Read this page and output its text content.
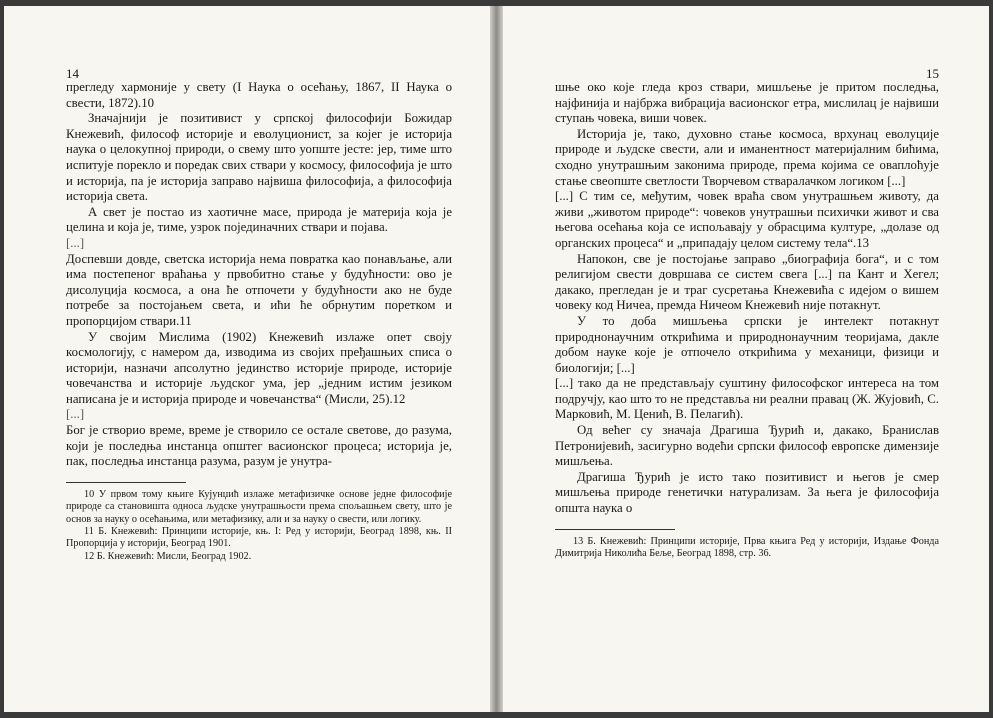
14

прегледу хармоније у свету (I Наука о осећању, 1867, II Наука о свести, 1872).10

Значајнији је позитивист у српској философији Божидар Кнежевић, философ историје и еволуционист, за којег је историја наука о целокупној природи, о свему што уопште јесте: јер, тиме што испитује порекло и поредак свих ствари у космосу, философија је што и историја, па је историја заправо највиша философија, а философија историја света.

А свет је постао из хаотичне масе, природа је материја која је целина и која је, тиме, узрок појединачних ствари и појава.

[...]

Доспевши довде, светска историја нема повратка као понављање, али има постепеног враћања у првобитно стање у будућности: ово је дисолуција космоса, а она ће отпочети у будућности ако не буде потребе за постојањем света, и ићи ће обрнутим поретком и пропорцијом ствари.11

У својим Мислима (1902) Кнежевић излаже опет своју космологију, с намером да, изводима из својих пређашњих списа о историји, назначи апсолутно јединство историје природе, историје човечанства и историје људског ума, јер „једним истим језиком написана је и историја природе и човечанства“ (Мисли, 25).12

[...]

Бог је створио време, време је створило се остале светове, до разума, који је последња инстанца општег васионског процеса; историја је, пак, последња инстанца разума, разум је унутра-

10 У првом тому књиге Кујунџић излаже метафизичке основе једне философије природе са становишта односа људске унутрашњости према спољашњем свету, што је основ за науку о осећањима, или метафизику, али и за науку о свести, или логику.

11 Б. Кнежевић: Принципи историје, књ. I: Ред у историји, Београд 1898, књ. II Пропорција у историји, Београд 1901.

12 Б. Кнежевић: Мисли, Београд 1902.

15

шње око које гледа кроз ствари, мишљење је притом последња, најфинија и најбржа вибрација васионског етра, мислилац је највиши ступањ човека, виши човек.

Историја је, тако, духовно стање космоса, врхунац еволуције природе и људске свести, али и иманентност материјалним бићима, сходно унутрашњим законима природе, према којима се оваплоћује стање свеопште светлости Творчевом стваралачком логиком [...]

[...] С тим се, међутим, човек враћа свом унутрашњем животу, да живи „животом природе“: човеков унутрашњи психички живот и сва његова осећања која се испољавају у обрасцима културе, „долазе од органских процеса“ и „припадају целом систему тела“.13

Напокон, све је постојање заправо „биографија бога“, и с том религијом свести довршава се систем свега [...] па Кант и Хегел; дакако, прегледан је и траг сусретања Кнежевића с идејом о вишем човеку код Ничеа, премда Ничеом Кнежевић није потакнут.

У то доба мишљења српски је интелект потакнут природнонаучним открићима и природнонаучним теоријама, дакле добом науке које је отпочело открићима у механици, физици и биологији; [...]

[...] тако да не представљају суштину философског интереса на том подручју, као што то не представља ни реални правац (Ж. Жујовић, С. Марковић, М. Ценић, В. Пелагић).

Од већег су значаја Драгиша Ђурић и, дакако, Бранислав Петронијевић, засигурно водећи српски философ европске димензије мишљења.

Драгиша Ђурић је исто тако позитивист и његов је смер мишљења природе генетички натурализам. За њега је философија општа наука о

13 Б. Кнежевић: Принципи историје, Прва књига Ред у историји, Издање Фонда Димитрија Николића Беље, Београд 1898, стр. 36.
